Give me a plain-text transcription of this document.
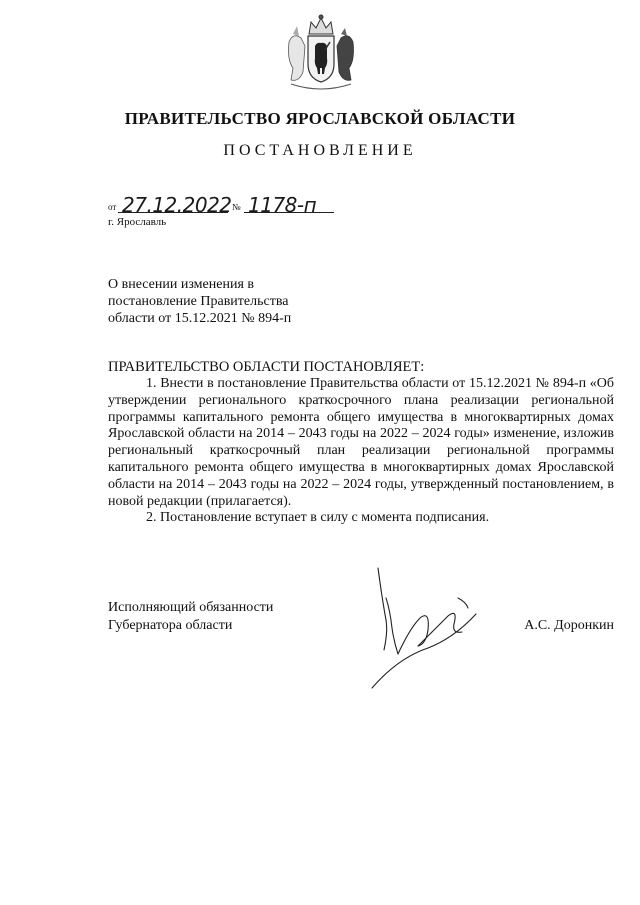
ПРАВИТЕЛЬСТВО ЯРОСЛАВСКОЙ ОБЛАСТИ
ПОСТАНОВЛЕНИЕ
от 27.12.2022 № 1178-п
г. Ярославль
О внесении изменения в
постановление Правительства
области от 15.12.2021 № 894-п
ПРАВИТЕЛЬСТВО ОБЛАСТИ ПОСТАНОВЛЯЕТ:

1. Внести в постановление Правительства области от 15.12.2021 № 894-п «Об утверждении регионального краткосрочного плана реализации региональной программы капитального ремонта общего имущества в многоквартирных домах Ярославской области на 2014 – 2043 годы на 2022 – 2024 годы» изменение, изложив региональный краткосрочный план реализации региональной программы капитального ремонта общего имущества в многоквартирных домах Ярославской области на 2014 – 2043 годы на 2022 – 2024 годы, утвержденный постановлением, в новой редакции (прилагается).

2. Постановление вступает в силу с момента подписания.

Исполняющий обязанности
Губернатора области	А.С. Доронкин
